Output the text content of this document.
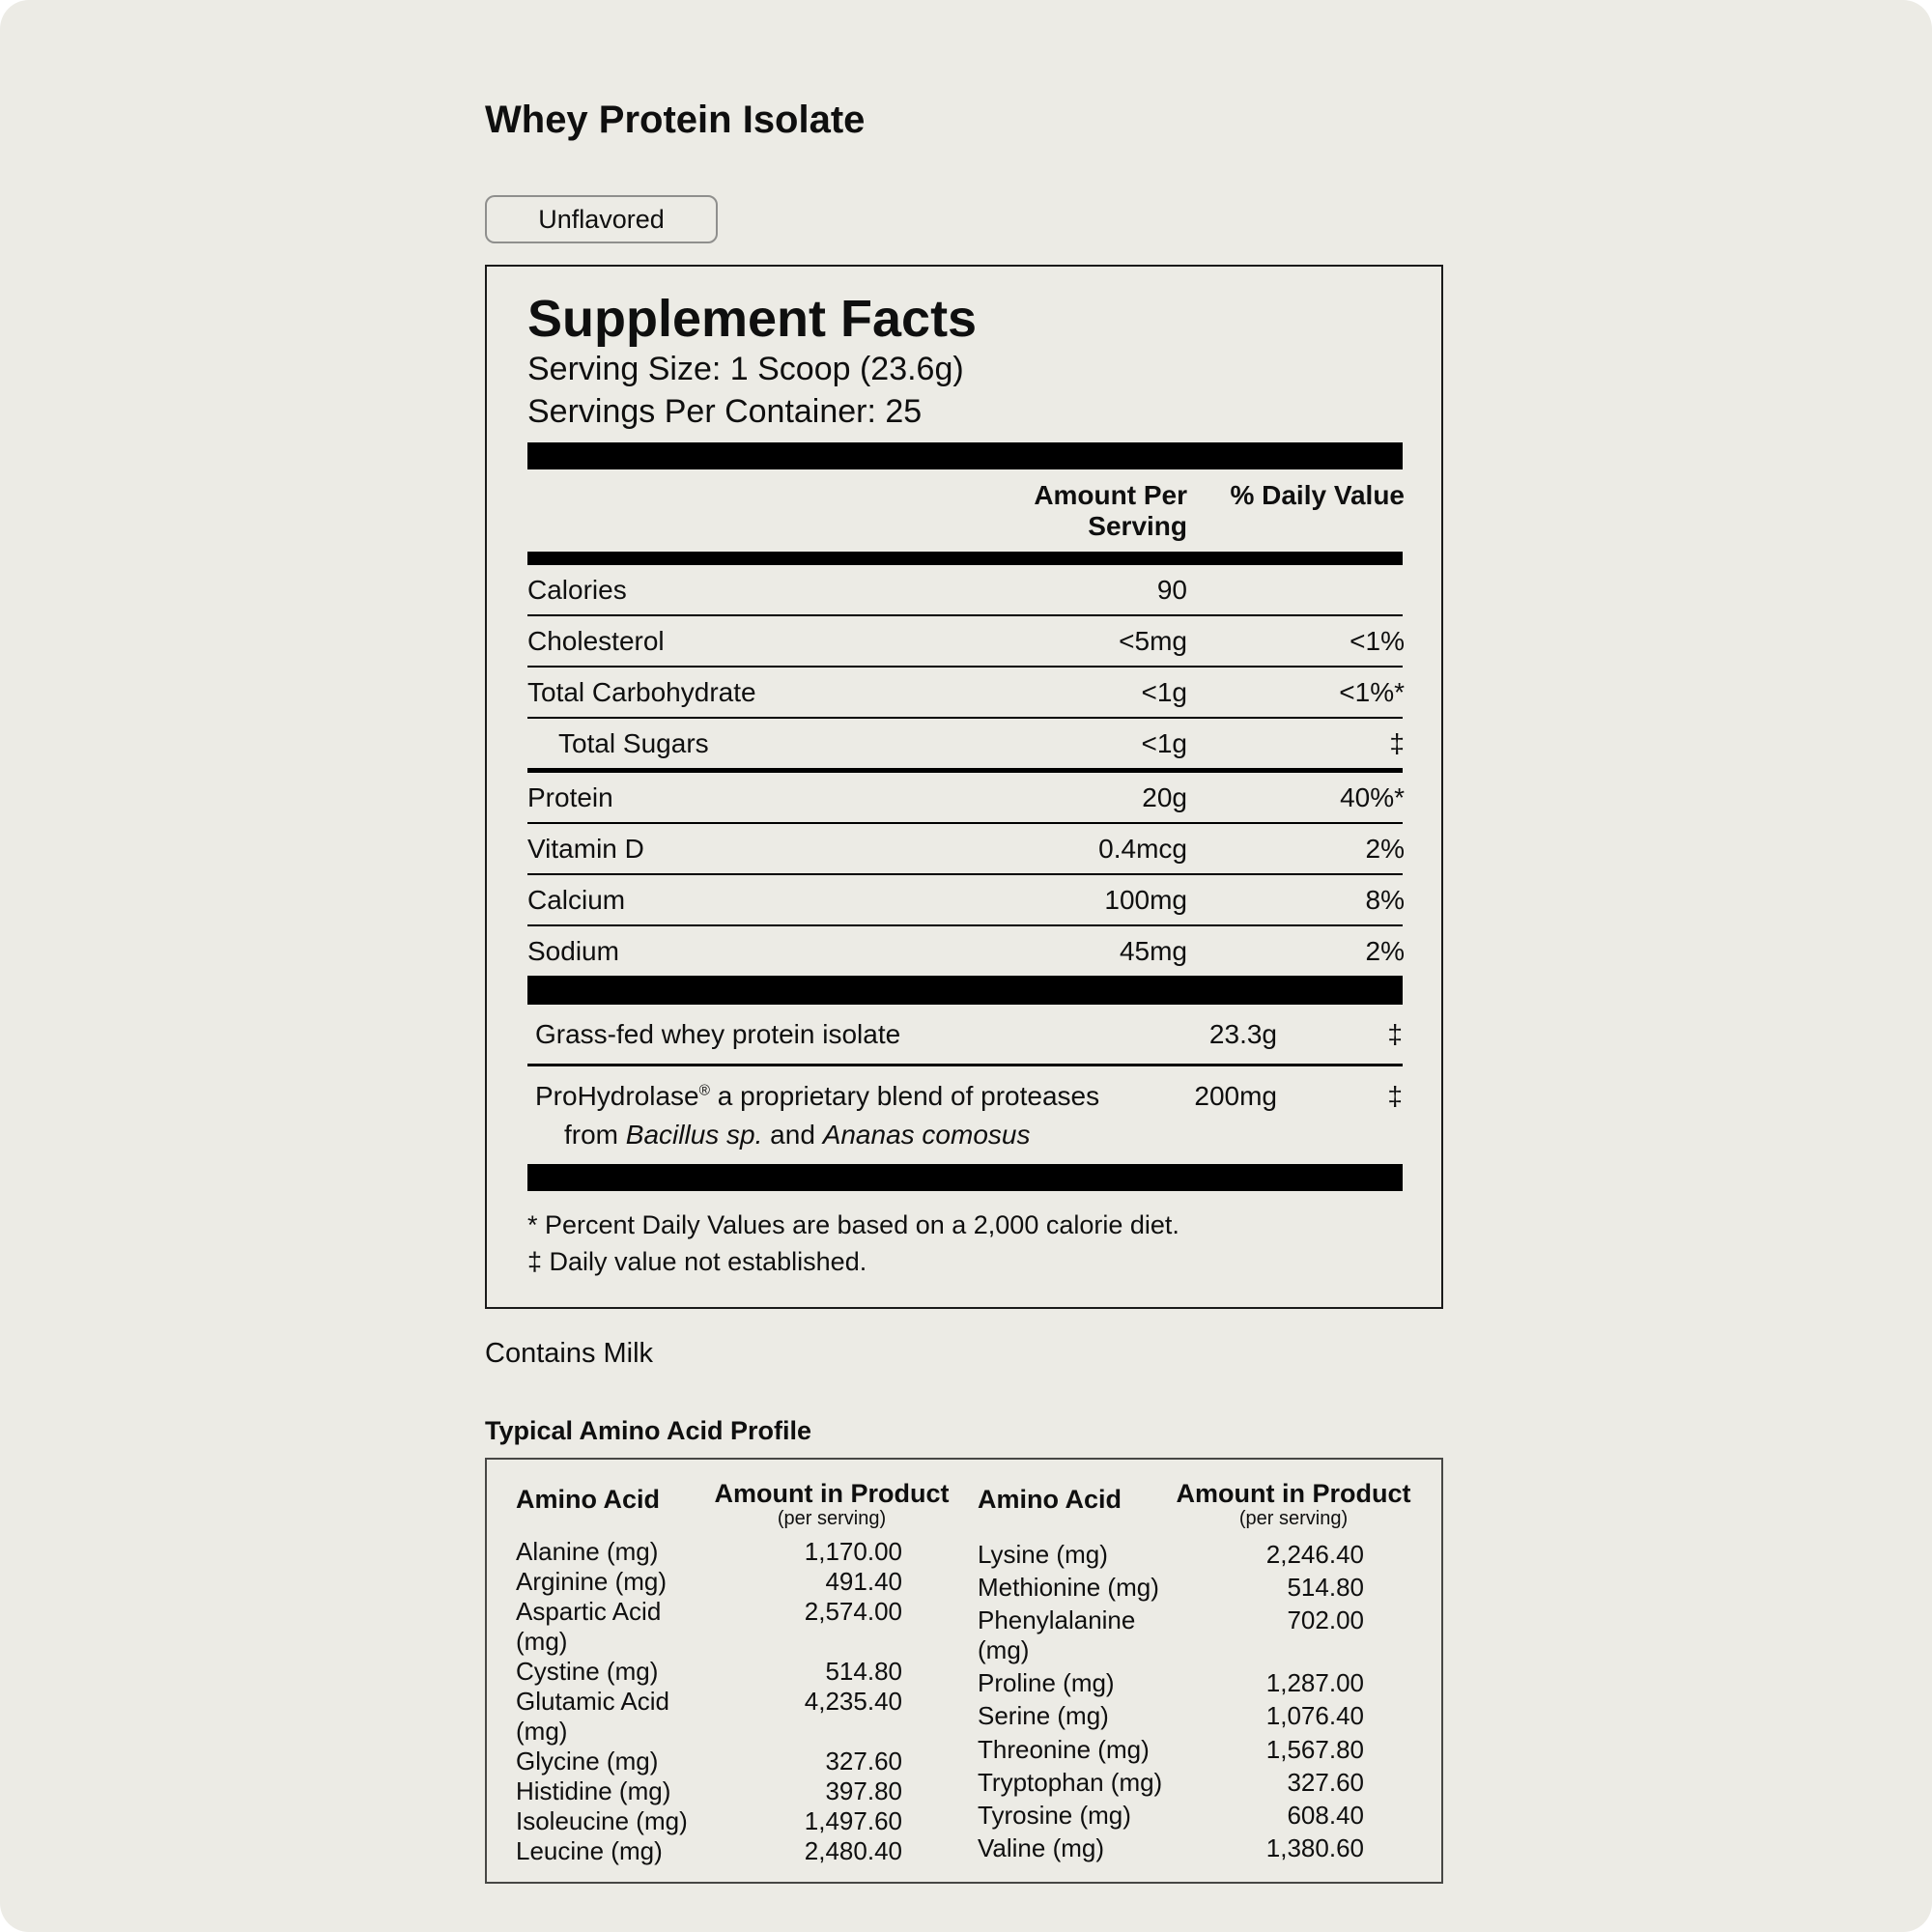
Whey Protein Isolate
Unflavored
Supplement Facts
Serving Size: 1 Scoop (23.6g)
Servings Per Container: 25
Amount Per Serving
% Daily Value
Calories	90
Cholesterol	<5mg	<1%
Total Carbohydrate	<1g	<1%*
Total Sugars	<1g	‡
Protein	20g	40%*
Vitamin D	0.4mcg	2%
Calcium	100mg	8%
Sodium	45mg	2%
Grass-fed whey protein isolate	23.3g	‡
ProHydrolase® a proprietary blend of proteases
from Bacillus sp. and Ananas comosus
200mg	‡
* Percent Daily Values are based on a 2,000 calorie diet.
‡ Daily value not established.
Contains Milk
Typical Amino Acid Profile
Amino Acid	Amount in Product
(per serving)
Alanine (mg)	1,170.00
Arginine (mg)	491.40
Aspartic Acid (mg)
2,574.00
Cystine (mg)	514.80
Glutamic Acid (mg)
4,235.40
Glycine (mg)	327.60
Histidine (mg)	397.80
Isoleucine (mg)	1,497.60
Leucine (mg)	2,480.40
Amino Acid	Amount in Product
(per serving)
Lysine (mg)	2,246.40
Methionine (mg)	514.80
Phenylalanine (mg)
702.00
Proline (mg)	1,287.00
Serine (mg)	1,076.40
Threonine (mg)	1,567.80
Tryptophan (mg)	327.60
Tyrosine (mg)	608.40
Valine (mg)	1,380.60
